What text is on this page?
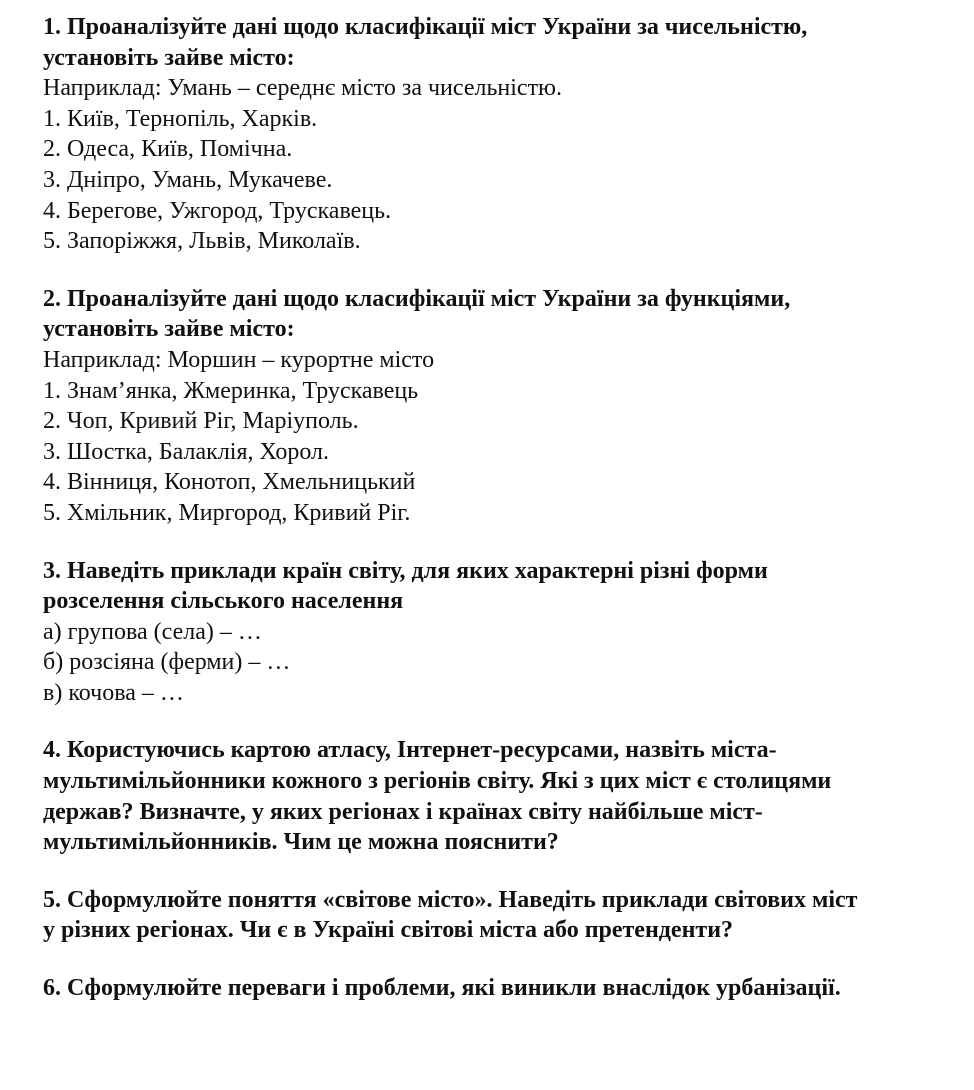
1. Проаналізуйте дані щодо класифікації міст України за чисельністю,
установіть зайве місто:
Наприклад: Умань – середнє місто за чисельністю.
1. Київ, Тернопіль, Харків.
2. Одеса, Київ, Помічна.
3. Дніпро, Умань, Мукачеве.
4. Берегове, Ужгород, Трускавець.
5. Запоріжжя, Львів, Миколаїв.
2. Проаналізуйте дані щодо класифікації міст України за функціями,
установіть зайве місто:
Наприклад: Моршин – курортне місто
1. Знам’янка, Жмеринка, Трускавець
2. Чоп, Кривий Ріг, Маріуполь.
3. Шостка, Балаклія, Хорол.
4. Вінниця, Конотоп, Хмельницький
5. Хмільник, Миргород, Кривий Ріг.
3. Наведіть приклади країн світу, для яких характерні різні форми
розселення сільського населення
а) групова (села) – …
б) розсіяна (ферми) – …
в) кочова – …
4. Користуючись картою атласу, Інтернет-ресурсами, назвіть міста-
мультимільйонники кожного з регіонів світу. Які з цих міст є столицями
держав? Визначте, у яких регіонах і країнах світу найбільше міст-
мультимільйонників. Чим це можна пояснити?
5. Сформулюйте поняття «світове місто». Наведіть приклади світових міст
у різних регіонах. Чи є в Україні світові міста або претенденти?
6. Сформулюйте переваги і проблеми, які виникли внаслідок урбанізації.
